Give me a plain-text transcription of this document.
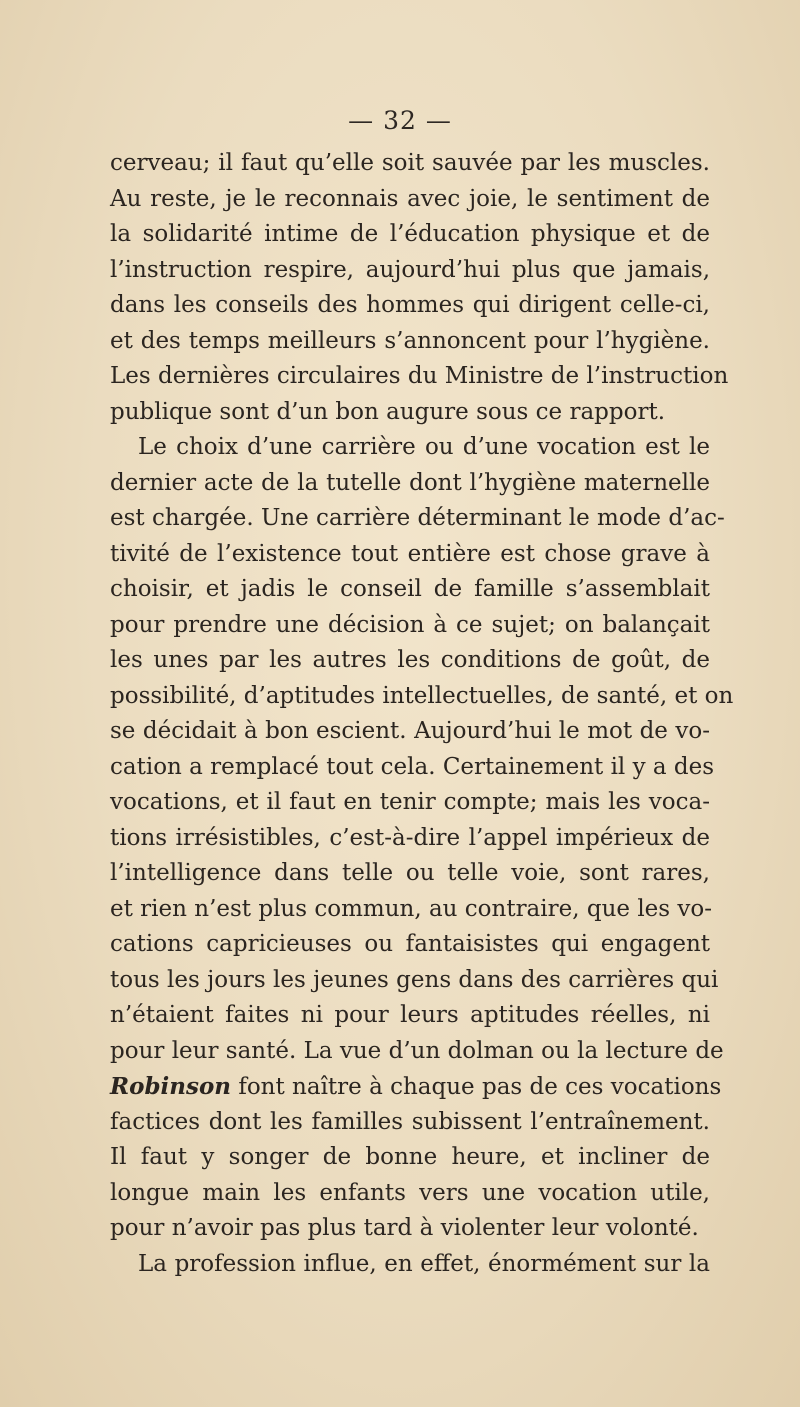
— 32 —
cerveau; il faut qu’elle soit sauvée par les muscles.
Au reste, je le reconnais avec joie, le sentiment de
la solidarité intime de l’éducation physique et de
l’instruction respire, aujourd’hui plus que jamais,
dans les conseils des hommes qui dirigent celle-ci,
et des temps meilleurs s’annoncent pour l’hygiène.
Les dernières circulaires du Ministre de l’instruction
publique sont d’un bon augure sous ce rapport.
Le choix d’une carrière ou d’une vocation est le
dernier acte de la tutelle dont l’hygiène maternelle
est chargée. Une carrière déterminant le mode d’ac-
tivité de l’existence tout entière est chose grave à
choisir, et jadis le conseil de famille s’assemblait
pour prendre une décision à ce sujet; on balançait
les unes par les autres les conditions de goût, de
possibilité, d’aptitudes intellectuelles, de santé, et on
se décidait à bon escient. Aujourd’hui le mot de vo-
cation a remplacé tout cela. Certainement il y a des
vocations, et il faut en tenir compte; mais les voca-
tions irrésistibles, c’est-à-dire l’appel impérieux de
l’intelligence dans telle ou telle voie, sont rares,
et rien n’est plus commun, au contraire, que les vo-
cations capricieuses ou fantaisistes qui engagent
tous les jours les jeunes gens dans des carrières qui
n’étaient faites ni pour leurs aptitudes réelles, ni
pour leur santé. La vue d’un dolman ou la lecture de
Robinson font naître à chaque pas de ces vocations
factices dont les familles subissent l’entraînement.
Il faut y songer de bonne heure, et incliner de
longue main les enfants vers une vocation utile,
pour n’avoir pas plus tard à violenter leur volonté.
La profession influe, en effet, énormément sur la
